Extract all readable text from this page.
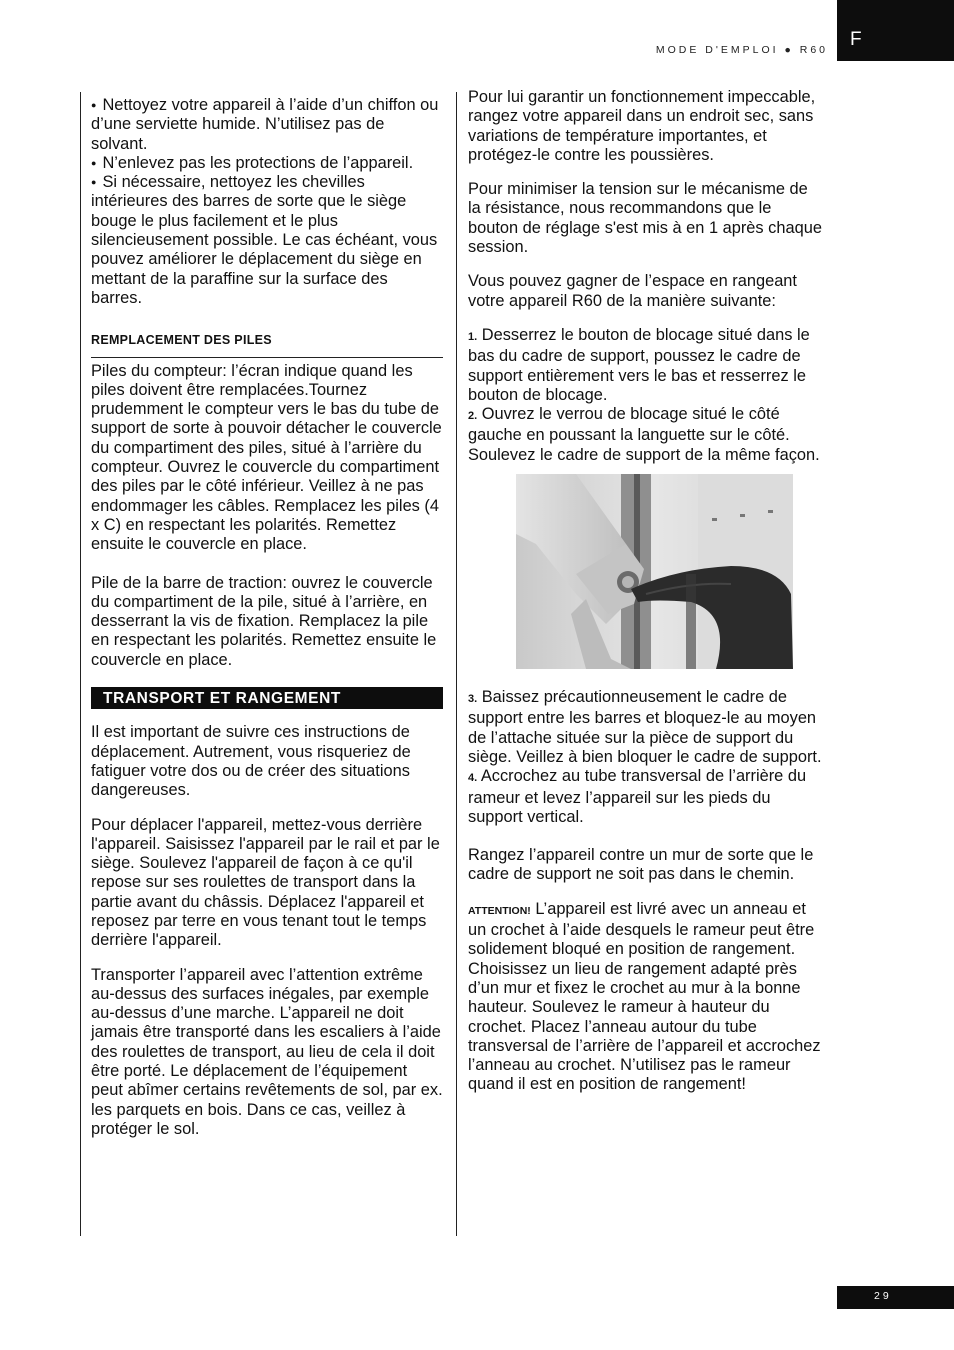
MODE D'EMPLOI ● R60	F

● Nettoyez votre appareil à l’aide d’un chiffon ou d’une serviette humide. N’utilisez pas de solvant.

● N’enlevez pas les protections de l’appareil.

● Si nécessaire, nettoyez les chevilles intérieures des barres de sorte que le siège bouge le plus facilement et le plus silencieusement possible. Le cas échéant, vous pouvez améliorer le déplacement du siège en mettant de la paraffine sur la surface des barres.

REMPLACEMENT DES PILES

Piles du compteur: l’écran indique quand les piles doivent être remplacées.Tournez prudemment le compteur vers le bas du tube de support de sorte à pouvoir détacher le couvercle du compartiment des piles, situé à l’arrière du compteur. Ouvrez le couvercle du compartiment des piles par le côté inférieur. Veillez à ne pas endommager les câbles. Remplacez les piles (4 x C) en respectant les polarités. Remettez ensuite le couvercle en place.

Pile de la barre de traction: ouvrez le couvercle du compartiment de la pile, situé à l’arrière, en desserrant la vis de fixation. Remplacez la pile en respectant les polarités. Remettez ensuite le couvercle en place.

TRANSPORT ET RANGEMENT

Il est important de suivre ces instructions de déplacement. Autrement, vous risqueriez de fatiguer votre dos ou de créer des situations dangereuses.

Pour déplacer l'appareil, mettez-vous derrière l'appareil. Saisissez l'appareil par le rail et par le siège. Soulevez l'appareil de façon à ce qu'il repose sur ses roulettes de transport dans la partie avant du châssis. Déplacez l'appareil et reposez par terre en vous tenant tout le temps derrière l'appareil.

Transporter l’appareil avec l’attention extrême au-dessus des surfaces inégales, par exemple au-dessus d’une marche. L’appareil ne doit jamais être transporté dans les escaliers à l’aide des roulettes de transport, au lieu de cela il doit être porté. Le déplacement de l’équipement peut abîmer certains revêtements de sol, par ex. les parquets en bois. Dans ce cas, veillez à protéger le sol.

Pour lui garantir un fonctionnement impeccable, rangez votre appareil dans un endroit sec, sans variations de température importantes, et protégez-le contre les poussières.

Pour minimiser la tension sur le mécanisme de la résistance, nous recommandons que le bouton de réglage s'est mis à en 1 après chaque session.

Vous pouvez gagner de l’espace en rangeant votre appareil R60 de la manière suivante:

1. Desserrez le bouton de blocage situé dans le bas du cadre de support, poussez le cadre de support entièrement vers le bas et resserrez le bouton de blocage.

2. Ouvrez le verrou de blocage situé le côté gauche en poussant la languette sur le côté. Soulevez le cadre de support de la même façon.

3. Baissez précautionneusement le cadre de support entre les barres et bloquez-le au moyen de l’attache située sur la pièce de support du siège. Veillez à bien bloquer le cadre de support.

4. Accrochez au tube transversal de l’arrière du rameur et levez l’appareil sur les pieds du support vertical.

Rangez l’appareil contre un mur de sorte que le cadre de support ne soit pas dans le chemin.

ATTENTION! L’appareil est livré avec un anneau et un crochet à l’aide desquels le rameur peut être solidement bloqué en position de rangement. Choisissez un lieu de rangement adapté près d’un mur et fixez le crochet au mur à la bonne hauteur. Soulevez le rameur à hauteur du crochet. Placez l’anneau autour du tube transversal de l’arrière de l’appareil et accrochez l’anneau au crochet. N’utilisez pas le rameur quand il est en position de rangement!

29
